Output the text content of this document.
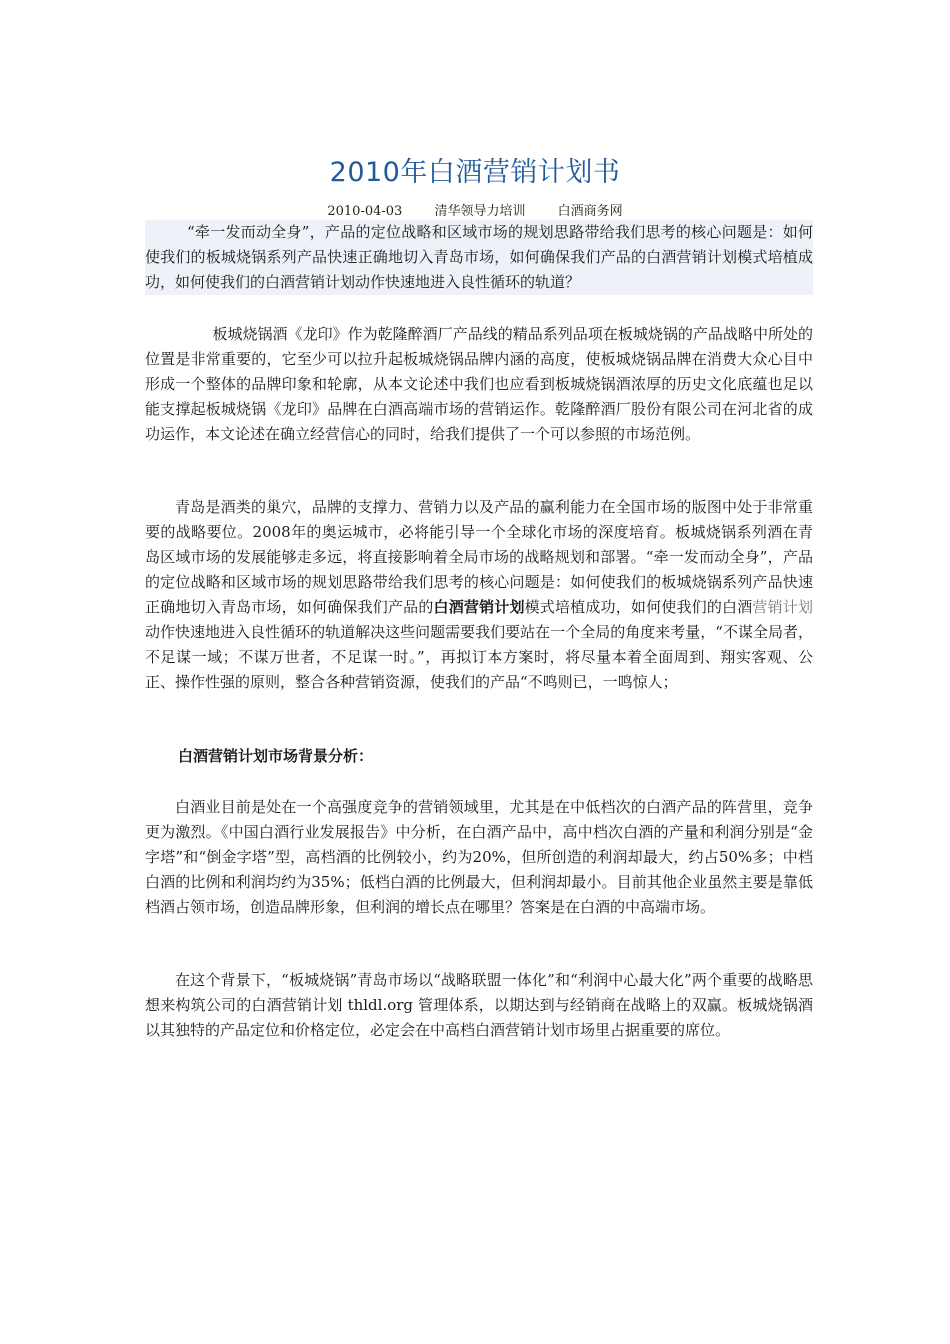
2010年白酒营销计划书
2010-04-03 清华领导力培训 白酒商务网
“牵一发而动全身”，产品的定位战略和区域市场的规划思路带给我们思考的核心问题是：如何使我们的板城烧锅系列产品快速正确地切入青岛市场，如何确保我们产品的白酒营销计划模式培植成功，如何使我们的白酒营销计划动作快速地进入良性循环的轨道？
板城烧锅酒《龙印》作为乾隆醉酒厂产品线的精品系列品项在板城烧锅的产品战略中所处的位置是非常重要的，它至少可以拉升起板城烧锅品牌内涵的高度，使板城烧锅品牌在消费大众心目中形成一个整体的品牌印象和轮廓，从本文论述中我们也应看到板城烧锅酒浓厚的历史文化底蕴也足以能支撑起板城烧锅《龙印》品牌在白酒高端市场的营销运作。乾隆醉酒厂股份有限公司在河北省的成功运作，本文论述在确立经营信心的同时，给我们提供了一个可以参照的市场范例。
青岛是酒类的巢穴，品牌的支撑力、营销力以及产品的赢利能力在全国市场的版图中处于非常重要的战略要位。2008年的奥运城市，必将能引导一个全球化市场的深度培育。板城烧锅系列酒在青岛区域市场的发展能够走多远，将直接影响着全局市场的战略规划和部署。“牵一发而动全身”，产品的定位战略和区域市场的规划思路带给我们思考的核心问题是：如何使我们的板城烧锅系列产品快速正确地切入青岛市场，如何确保我们产品的白酒营销计划模式培植成功，如何使我们的白酒营销计划动作快速地进入良性循环的轨道解决这些问题需要我们要站在一个全局的角度来考量，“不谋全局者，不足谋一域；不谋万世者，不足谋一时。”，再拟订本方案时，将尽量本着全面周到、翔实客观、公正、操作性强的原则，整合各种营销资源，使我们的产品“不鸣则已，一鸣惊人；
白酒营销计划市场背景分析：
白酒业目前是处在一个高强度竞争的营销领域里，尤其是在中低档次的白酒产品的阵营里，竞争更为激烈。《中国白酒行业发展报告》中分析，在白酒产品中，高中档次白酒的产量和利润分别是“金字塔”和“倒金字塔”型，高档酒的比例较小，约为20%，但所创造的利润却最大，约占50%多；中档白酒的比例和利润均约为35%；低档白酒的比例最大，但利润却最小。目前其他企业虽然主要是靠低档酒占领市场，创造品牌形象，但利润的增长点在哪里？答案是在白酒的中高端市场。
在这个背景下，“板城烧锅”青岛市场以“战略联盟一体化”和“利润中心最大化”两个重要的战略思想来构筑公司的白酒营销计划 thldl.org 管理体系，以期达到与经销商在战略上的双赢。板城烧锅酒以其独特的产品定位和价格定位，必定会在中高档白酒营销计划市场里占据重要的席位。
